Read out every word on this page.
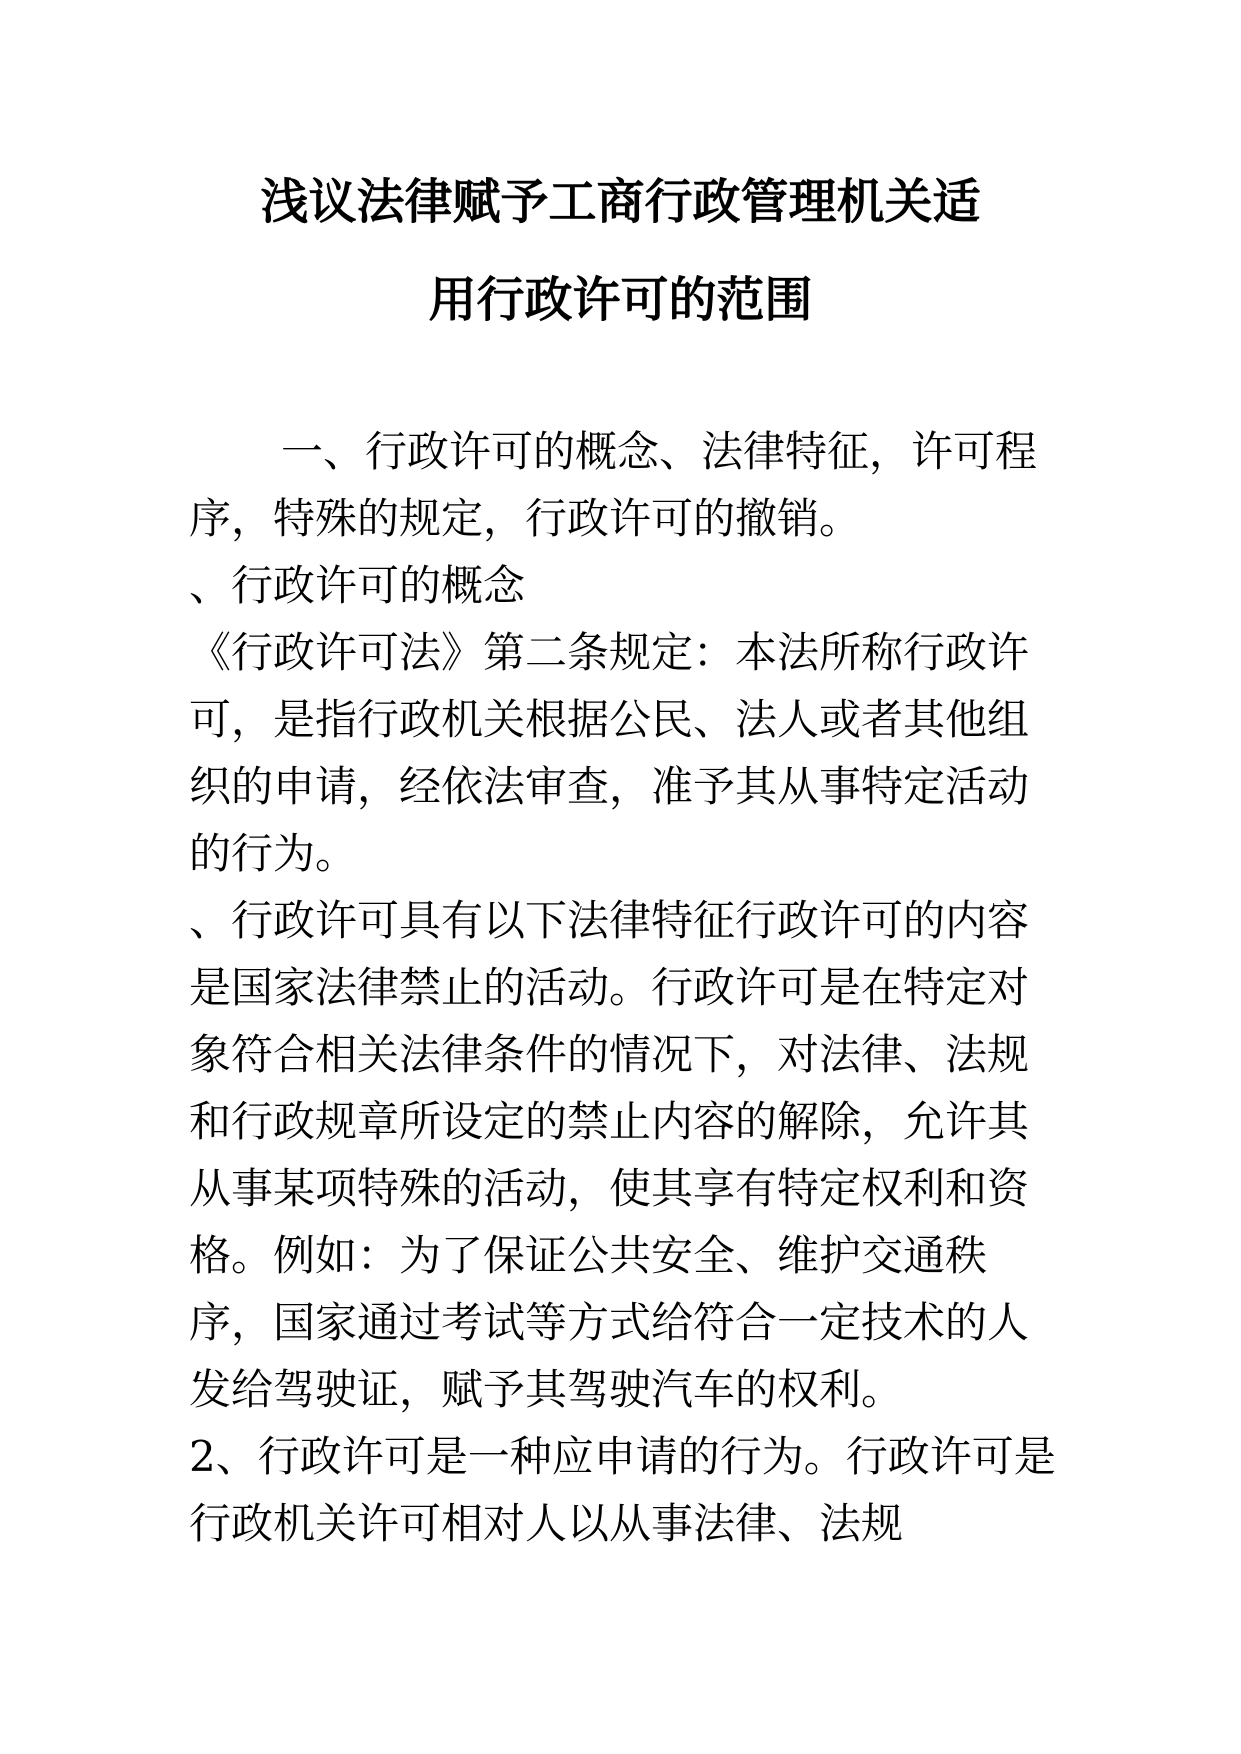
浅议法律赋予工商行政管理机关适
用行政许可的范围

一、行政许可的概念、法律特征，许可程序，特殊的规定，行政许可的撤销。

、行政许可的概念

《行政许可法》第二条规定：本法所称行政许可，是指行政机关根据公民、法人或者其他组织的申请，经依法审查，准予其从事特定活动的行为。

、行政许可具有以下法律特征行政许可的内容是国家法律禁止的活动。行政许可是在特定对象符合相关法律条件的情况下，对法律、法规和行政规章所设定的禁止内容的解除，允许其从事某项特殊的活动，使其享有特定权利和资格。例如：为了保证公共安全、维护交通秩序，国家通过考试等方式给符合一定技术的人发给驾驶证，赋予其驾驶汽车的权利。

2、行政许可是一种应申请的行为。行政许可是行政机关许可相对人以从事法律、法规
